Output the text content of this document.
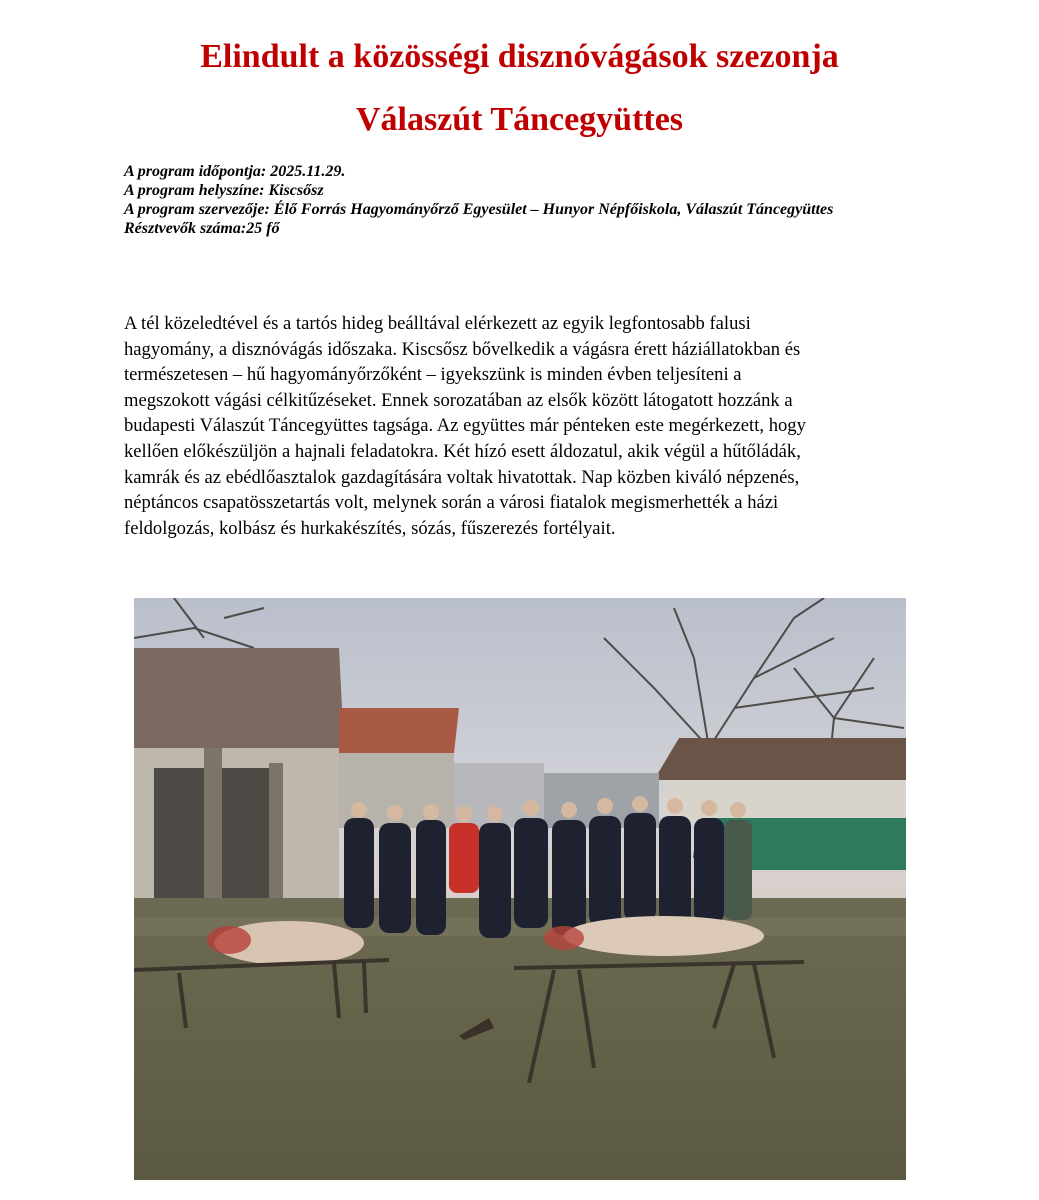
Elindult a közösségi disznóvágások szezonja
Válaszút Táncegyüttes
A program időpontja: 2025.11.29.
A program helyszíne: Kiscsősz
A program szervezője: Élő Forrás Hagyományőrző Egyesület – Hunyor Népfőiskola, Válaszút Táncegyüttes
Résztvevők száma:25 fő
A tél közeledtével és a tartós hideg beálltával elérkezett az egyik legfontosabb falusi
hagyomány, a disznóvágás időszaka. Kiscsősz bővelkedik a vágásra érett háziállatokban és
természetesen – hű hagyományőrzőként – igyekszünk is minden évben teljesíteni a
megszokott vágási célkitűzéseket. Ennek sorozatában az elsők között látogatott hozzánk a
budapesti Válaszút Táncegyüttes tagsága. Az együttes már pénteken este megérkezett, hogy
kellően előkészüljön a hajnali feladatokra. Két hízó esett áldozatul, akik végül a hűtőládák,
kamrák és az ebédlőasztalok gazdagítására voltak hivatottak. Nap közben kiváló népzenés,
néptáncos csapatösszetartás volt, melynek során a városi fiatalok megismerhették a házi
feldolgozás, kolbász és hurkakészítés, sózás, fűszerezés fortélyait.
